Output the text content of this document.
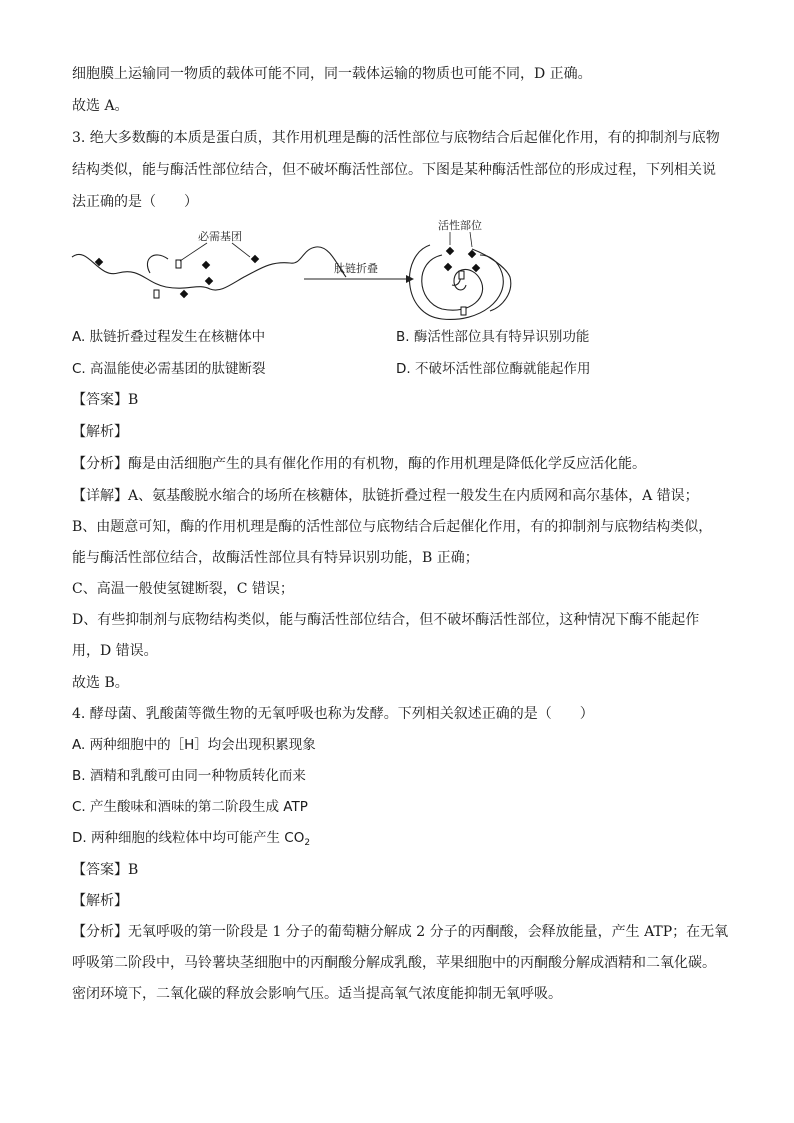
细胞膜上运输同一物质的载体可能不同，同一载体运输的物质也可能不同，D 正确。
故选 A。
3. 绝大多数酶的本质是蛋白质，其作用机理是酶的活性部位与底物结合后起催化作用，有的抑制剂与底物
结构类似，能与酶活性部位结合，但不破坏酶活性部位。下图是某种酶活性部位的形成过程，下列相关说
法正确的是（　　）
必需基团
肽链折叠
活性部位
A. 肽链折叠过程发生在核糖体中	B. 酶活性部位具有特异识别功能
C. 高温能使必需基团的肽键断裂	D. 不破坏活性部位酶就能起作用
【答案】B
【解析】
【分析】酶是由活细胞产生的具有催化作用的有机物，酶的作用机理是降低化学反应活化能。
【详解】A、氨基酸脱水缩合的场所在核糖体，肽链折叠过程一般发生在内质网和高尔基体，A 错误；
B、由题意可知，酶的作用机理是酶的活性部位与底物结合后起催化作用，有的抑制剂与底物结构类似，
能与酶活性部位结合，故酶活性部位具有特异识别功能，B 正确；
C、高温一般使氢键断裂，C 错误；
D、有些抑制剂与底物结构类似，能与酶活性部位结合，但不破坏酶活性部位，这种情况下酶不能起作
用，D 错误。
故选 B。
4. 酵母菌、乳酸菌等微生物的无氧呼吸也称为发酵。下列相关叙述正确的是（　　）
A. 两种细胞中的［H］均会出现积累现象
B. 酒精和乳酸可由同一种物质转化而来
C. 产生酸味和酒味的第二阶段生成 ATP
D. 两种细胞的线粒体中均可能产生 $CO_2$
【答案】B
【解析】
【分析】无氧呼吸的第一阶段是 1 分子的葡萄糖分解成 2 分子的丙酮酸，会释放能量，产生 ATP；在无氧
呼吸第二阶段中，马铃薯块茎细胞中的丙酮酸分解成乳酸，苹果细胞中的丙酮酸分解成酒精和二氧化碳。
密闭环境下，二氧化碳的释放会影响气压。适当提高氧气浓度能抑制无氧呼吸。
